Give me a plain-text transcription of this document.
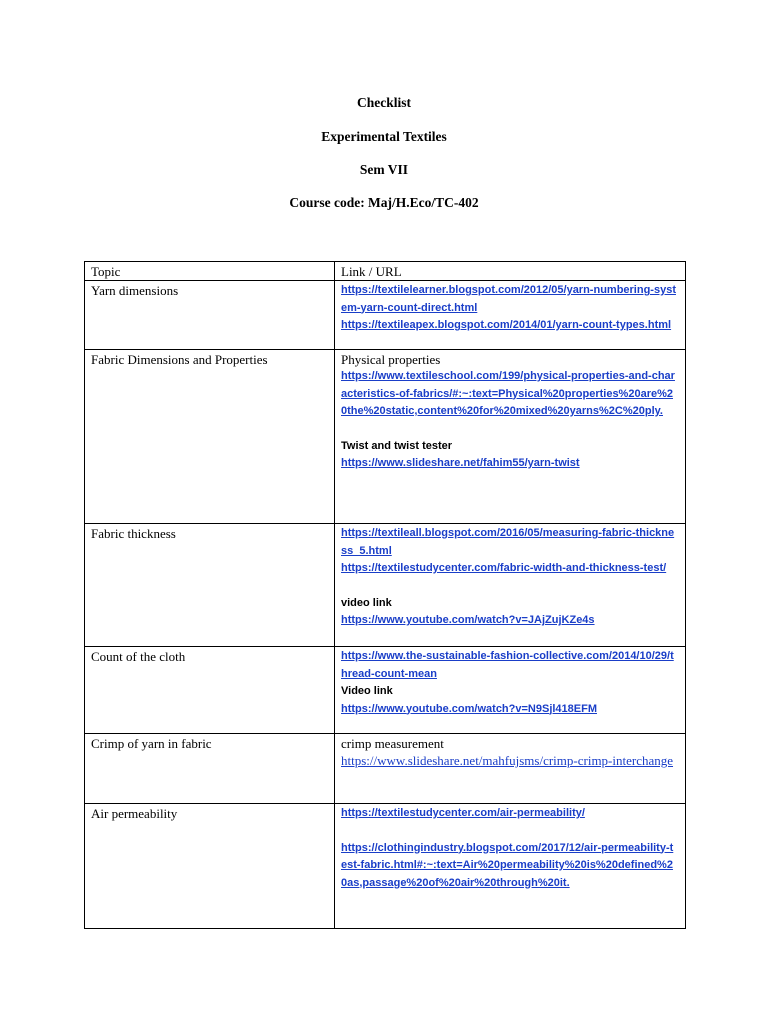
Checklist
Experimental Textiles
Sem VII
Course code: Maj/H.Eco/TC-402
Topic	Link / URL
Yarn dimensions	https://textilelearner.blogspot.com/2012/05/yarn-numbering-system-yarn-count-direct.html
https://textileapex.blogspot.com/2014/01/yarn-count-types.html

Fabric Dimensions and Properties	Physical properties
https://www.textileschool.com/199/physical-properties-and-characteristics-of-fabrics/#:~:text=Physical%20properties%20are%20the%20static,content%20for%20mixed%20yarns%2C%20ply.
Twist and twist tester
https://www.slideshare.net/fahim55/yarn-twist

Fabric thickness	https://textileall.blogspot.com/2016/05/measuring-fabric-thickness_5.html
https://textilestudycenter.com/fabric-width-and-thickness-test/
video link
https://www.youtube.com/watch?v=JAjZujKZe4s

Count of the cloth	https://www.the-sustainable-fashion-collective.com/2014/10/29/thread-count-mean
Video link
https://www.youtube.com/watch?v=N9Sjl418EFM

Crimp of yarn in fabric	crimp measurement
https://www.slideshare.net/mahfujsms/crimp-crimp-interchange

Air permeability	https://textilestudycenter.com/air-permeability/
https://clothingindustry.blogspot.com/2017/12/air-permeability-test-fabric.html#:~:text=Air%20permeability%20is%20defined%20as,passage%20of%20air%20through%20it.
